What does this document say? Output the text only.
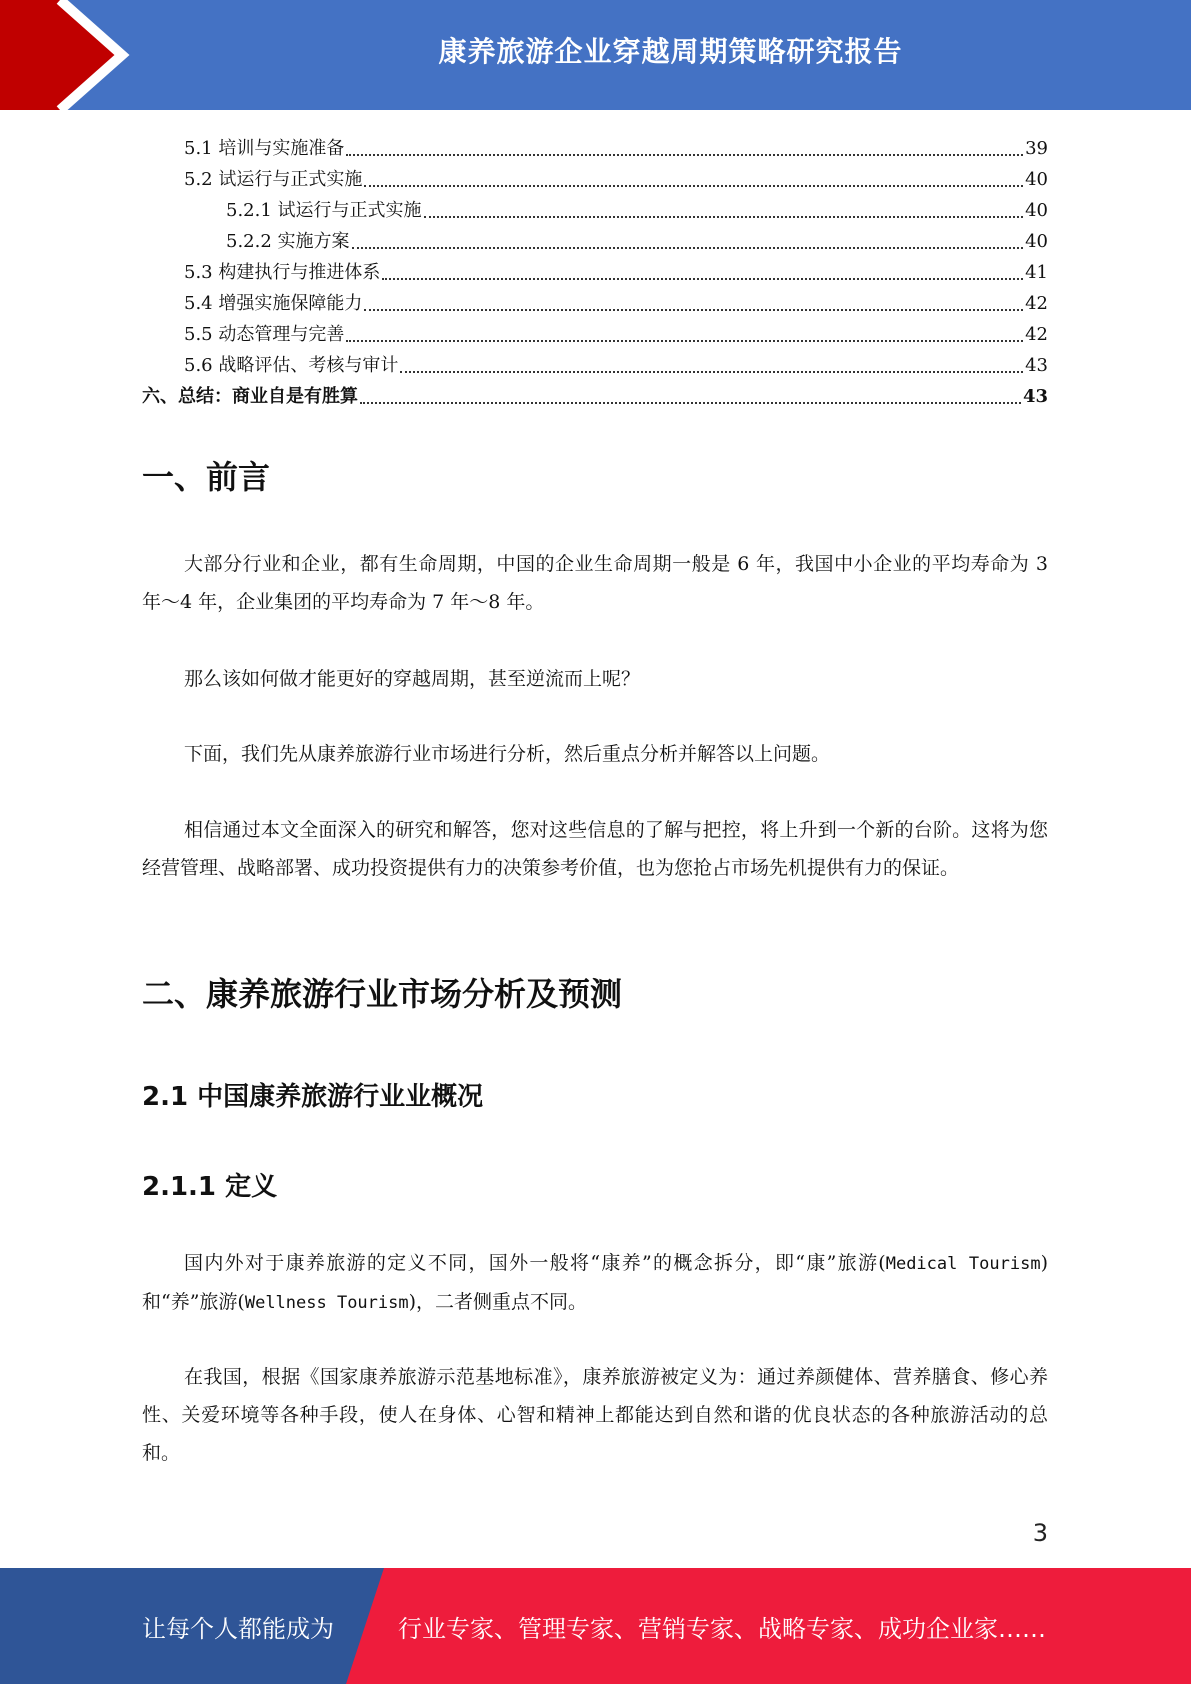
康养旅游企业穿越周期策略研究报告
5.1 培训与实施准备	39
5.2 试运行与正式实施	40
5.2.1 试运行与正式实施	40
5.2.2 实施方案	40
5.3 构建执行与推进体系	41
5.4 增强实施保障能力	42
5.5 动态管理与完善	42
5.6 战略评估、考核与审计	43
六、总结：商业自是有胜算	43
一、前言

大部分行业和企业，都有生命周期，中国的企业生命周期一般是 6 年，我国中小企业的平均寿命为 3 年～4 年，企业集团的平均寿命为 7 年～8 年。

那么该如何做才能更好的穿越周期，甚至逆流而上呢？

下面，我们先从康养旅游行业市场进行分析，然后重点分析并解答以上问题。

相信通过本文全面深入的研究和解答，您对这些信息的了解与把控，将上升到一个新的台阶。这将为您经营管理、战略部署、成功投资提供有力的决策参考价值，也为您抢占市场先机提供有力的保证。

二、康养旅游行业市场分析及预测
2.1 中国康养旅游行业业概况
2.1.1 定义

国内外对于康养旅游的定义不同，国外一般将“康养”的概念拆分，即“康”旅游(Medical Tourism)和“养”旅游(Wellness Tourism)，二者侧重点不同。

在我国，根据《国家康养旅游示范基地标准》，康养旅游被定义为：通过养颜健体、营养膳食、修心养性、关爱环境等各种手段，使人在身体、心智和精神上都能达到自然和谐的优良状态的各种旅游活动的总和。

3
让每个人都能成为	行业专家、管理专家、营销专家、战略专家、成功企业家……
